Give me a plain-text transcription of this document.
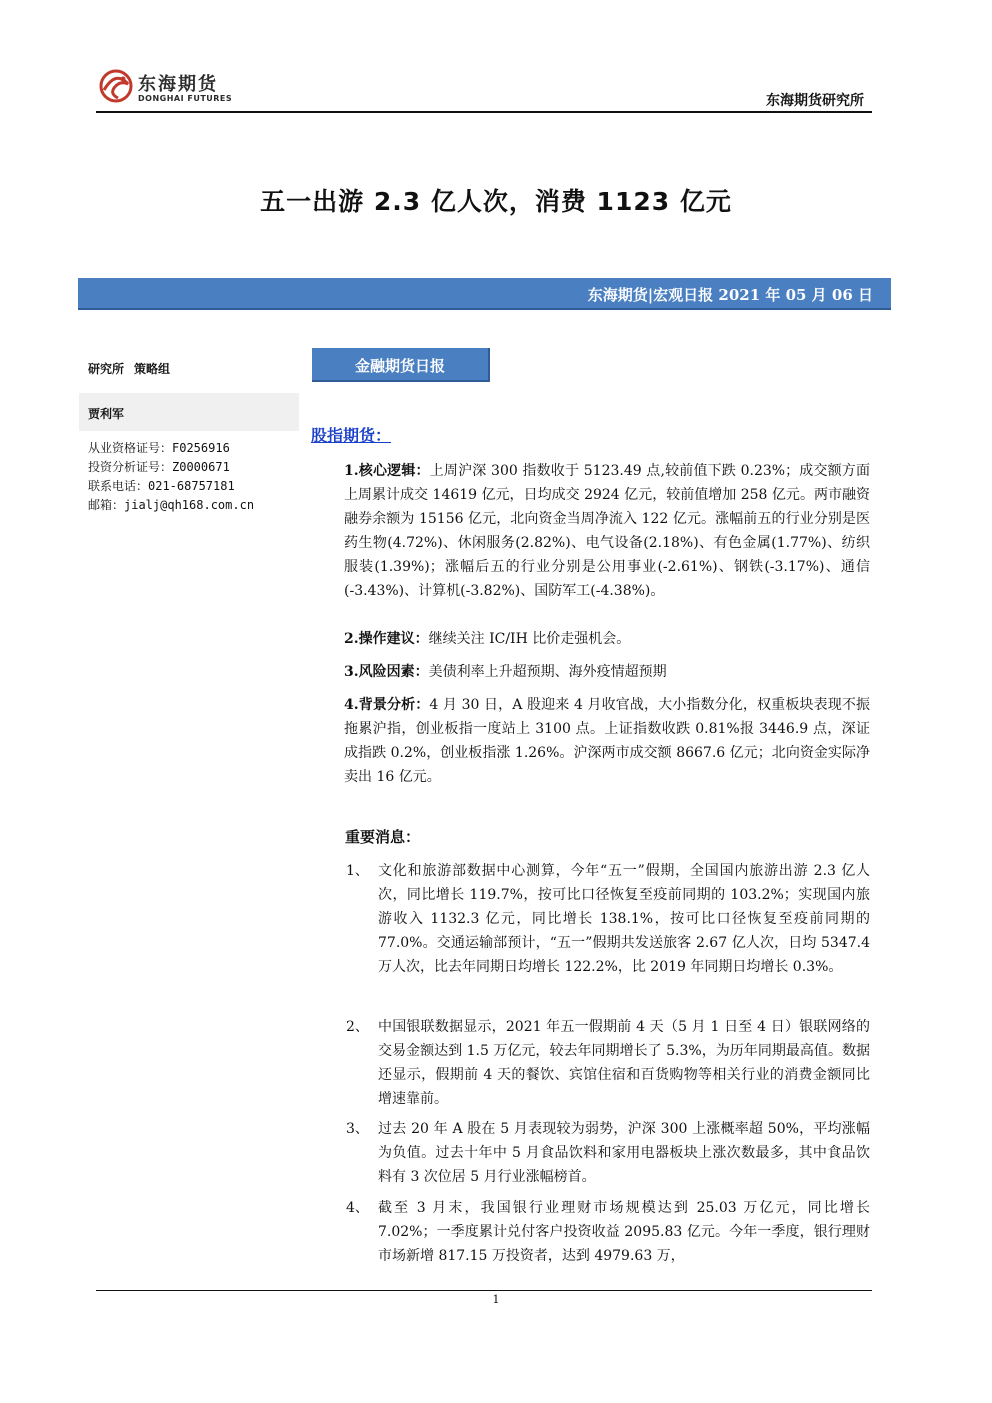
东海期货
DONGHAI FUTURES	东海期货研究所
五一出游 2.3 亿人次，消费 1123 亿元
东海期货|宏观日报 2021 年 05 月 06 日
研究所 策略组
贾利军
从业资格证号：F0256916
投资分析证号：Z0000671
联系电话：021-68757181
邮箱：jialj@qh168.com.cn
金融期货日报
股指期货：
1.核心逻辑：上周沪深 300 指数收于 5123.49 点,较前值下跌 0.23%；成交额方面上周累计成交 14619 亿元，日均成交 2924 亿元，较前值增加 258 亿元。两市融资融券余额为 15156 亿元，北向资金当周净流入 122 亿元。涨幅前五的行业分别是医药生物(4.72%)、休闲服务(2.82%)、电气设备(2.18%)、有色金属(1.77%)、纺织服装(1.39%)；涨幅后五的行业分别是公用事业(-2.61%)、钢铁(-3.17%)、通信(-3.43%)、计算机(-3.82%)、国防军工(-4.38%)。
2.操作建议：继续关注 IC/IH 比价走强机会。
3.风险因素：美债利率上升超预期、海外疫情超预期
4.背景分析：4 月 30 日，A 股迎来 4 月收官战，大小指数分化，权重板块表现不振拖累沪指，创业板指一度站上 3100 点。上证指数收跌 0.81%报 3446.9 点，深证成指跌 0.2%，创业板指涨 1.26%。沪深两市成交额 8667.6 亿元；北向资金实际净卖出 16 亿元。
重要消息：
1、 文化和旅游部数据中心测算，今年“五一”假期，全国国内旅游出游 2.3 亿人次，同比增长 119.7%，按可比口径恢复至疫前同期的 103.2%；实现国内旅游收入 1132.3 亿元，同比增长 138.1%，按可比口径恢复至疫前同期的 77.0%。交通运输部预计，“五一”假期共发送旅客 2.67 亿人次，日均 5347.4 万人次，比去年同期日均增长 122.2%，比 2019 年同期日均增长 0.3%。
2、 中国银联数据显示，2021 年五一假期前 4 天（5 月 1 日至 4 日）银联网络的交易金额达到 1.5 万亿元，较去年同期增长了 5.3%，为历年同期最高值。数据还显示，假期前 4 天的餐饮、宾馆住宿和百货购物等相关行业的消费金额同比增速靠前。
3、 过去 20 年 A 股在 5 月表现较为弱势，沪深 300 上涨概率超 50%，平均涨幅为负值。过去十年中 5 月食品饮料和家用电器板块上涨次数最多，其中食品饮料有 3 次位居 5 月行业涨幅榜首。
4、 截至 3 月末，我国银行业理财市场规模达到 25.03 万亿元，同比增长 7.02%；一季度累计兑付客户投资收益 2095.83 亿元。今年一季度，银行理财市场新增 817.15 万投资者，达到 4979.63 万，
1
